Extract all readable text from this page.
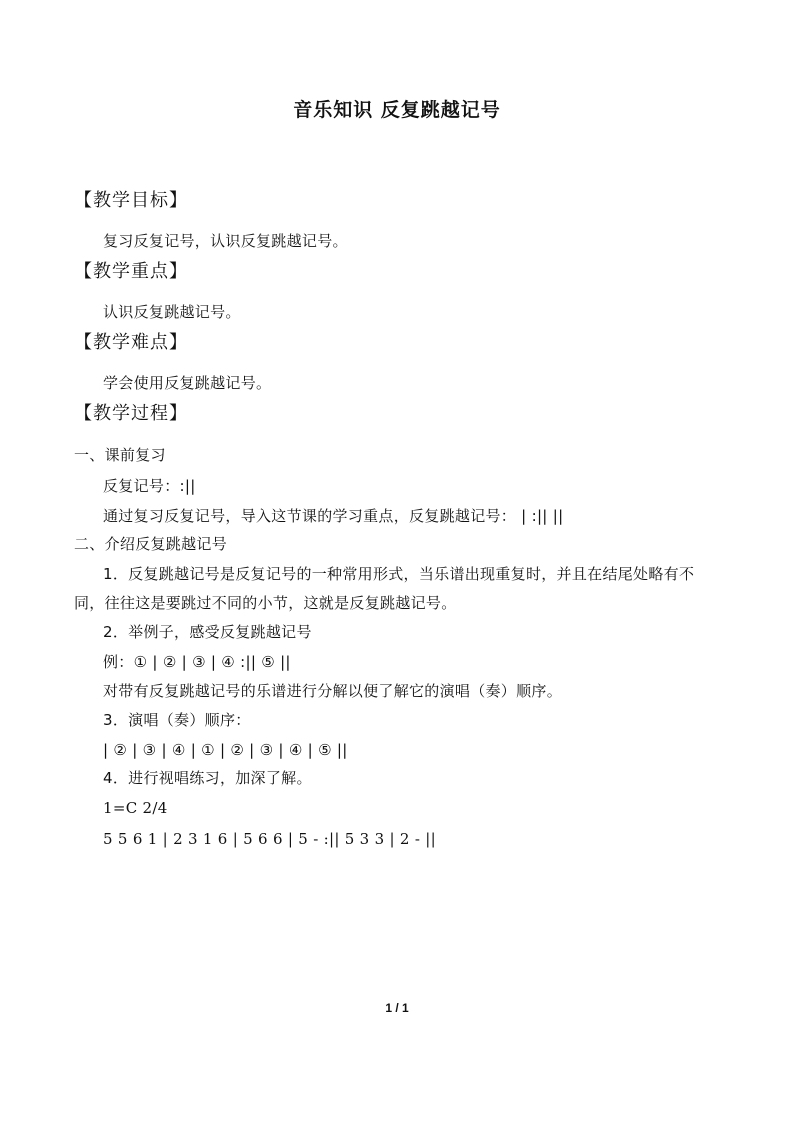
音乐知识 反复跳越记号
【教学目标】
复习反复记号，认识反复跳越记号。
【教学重点】
认识反复跳越记号。
【教学难点】
学会使用反复跳越记号。
【教学过程】
一、课前复习
反复记号：:||
通过复习反复记号，导入这节课的学习重点，反复跳越记号： | :|| ||
二、介绍反复跳越记号
1．反复跳越记号是反复记号的一种常用形式，当乐谱出现重复时，并且在结尾处略有不
同，往往这是要跳过不同的小节，这就是反复跳越记号。
2．举例子，感受反复跳越记号
例：① | ② | ③ | ④ :|| ⑤ ||
对带有反复跳越记号的乐谱进行分解以便了解它的演唱（奏）顺序。
3．演唱（奏）顺序：
| ② | ③ | ④ | ① | ② | ③ | ④ | ⑤ ||
4．进行视唱练习，加深了解。
1=C 2/4
5 5 6 1 | 2 3 1 6 | 5 6 6 | 5 - :|| 5 3 3 | 2 - ||
1 / 1
